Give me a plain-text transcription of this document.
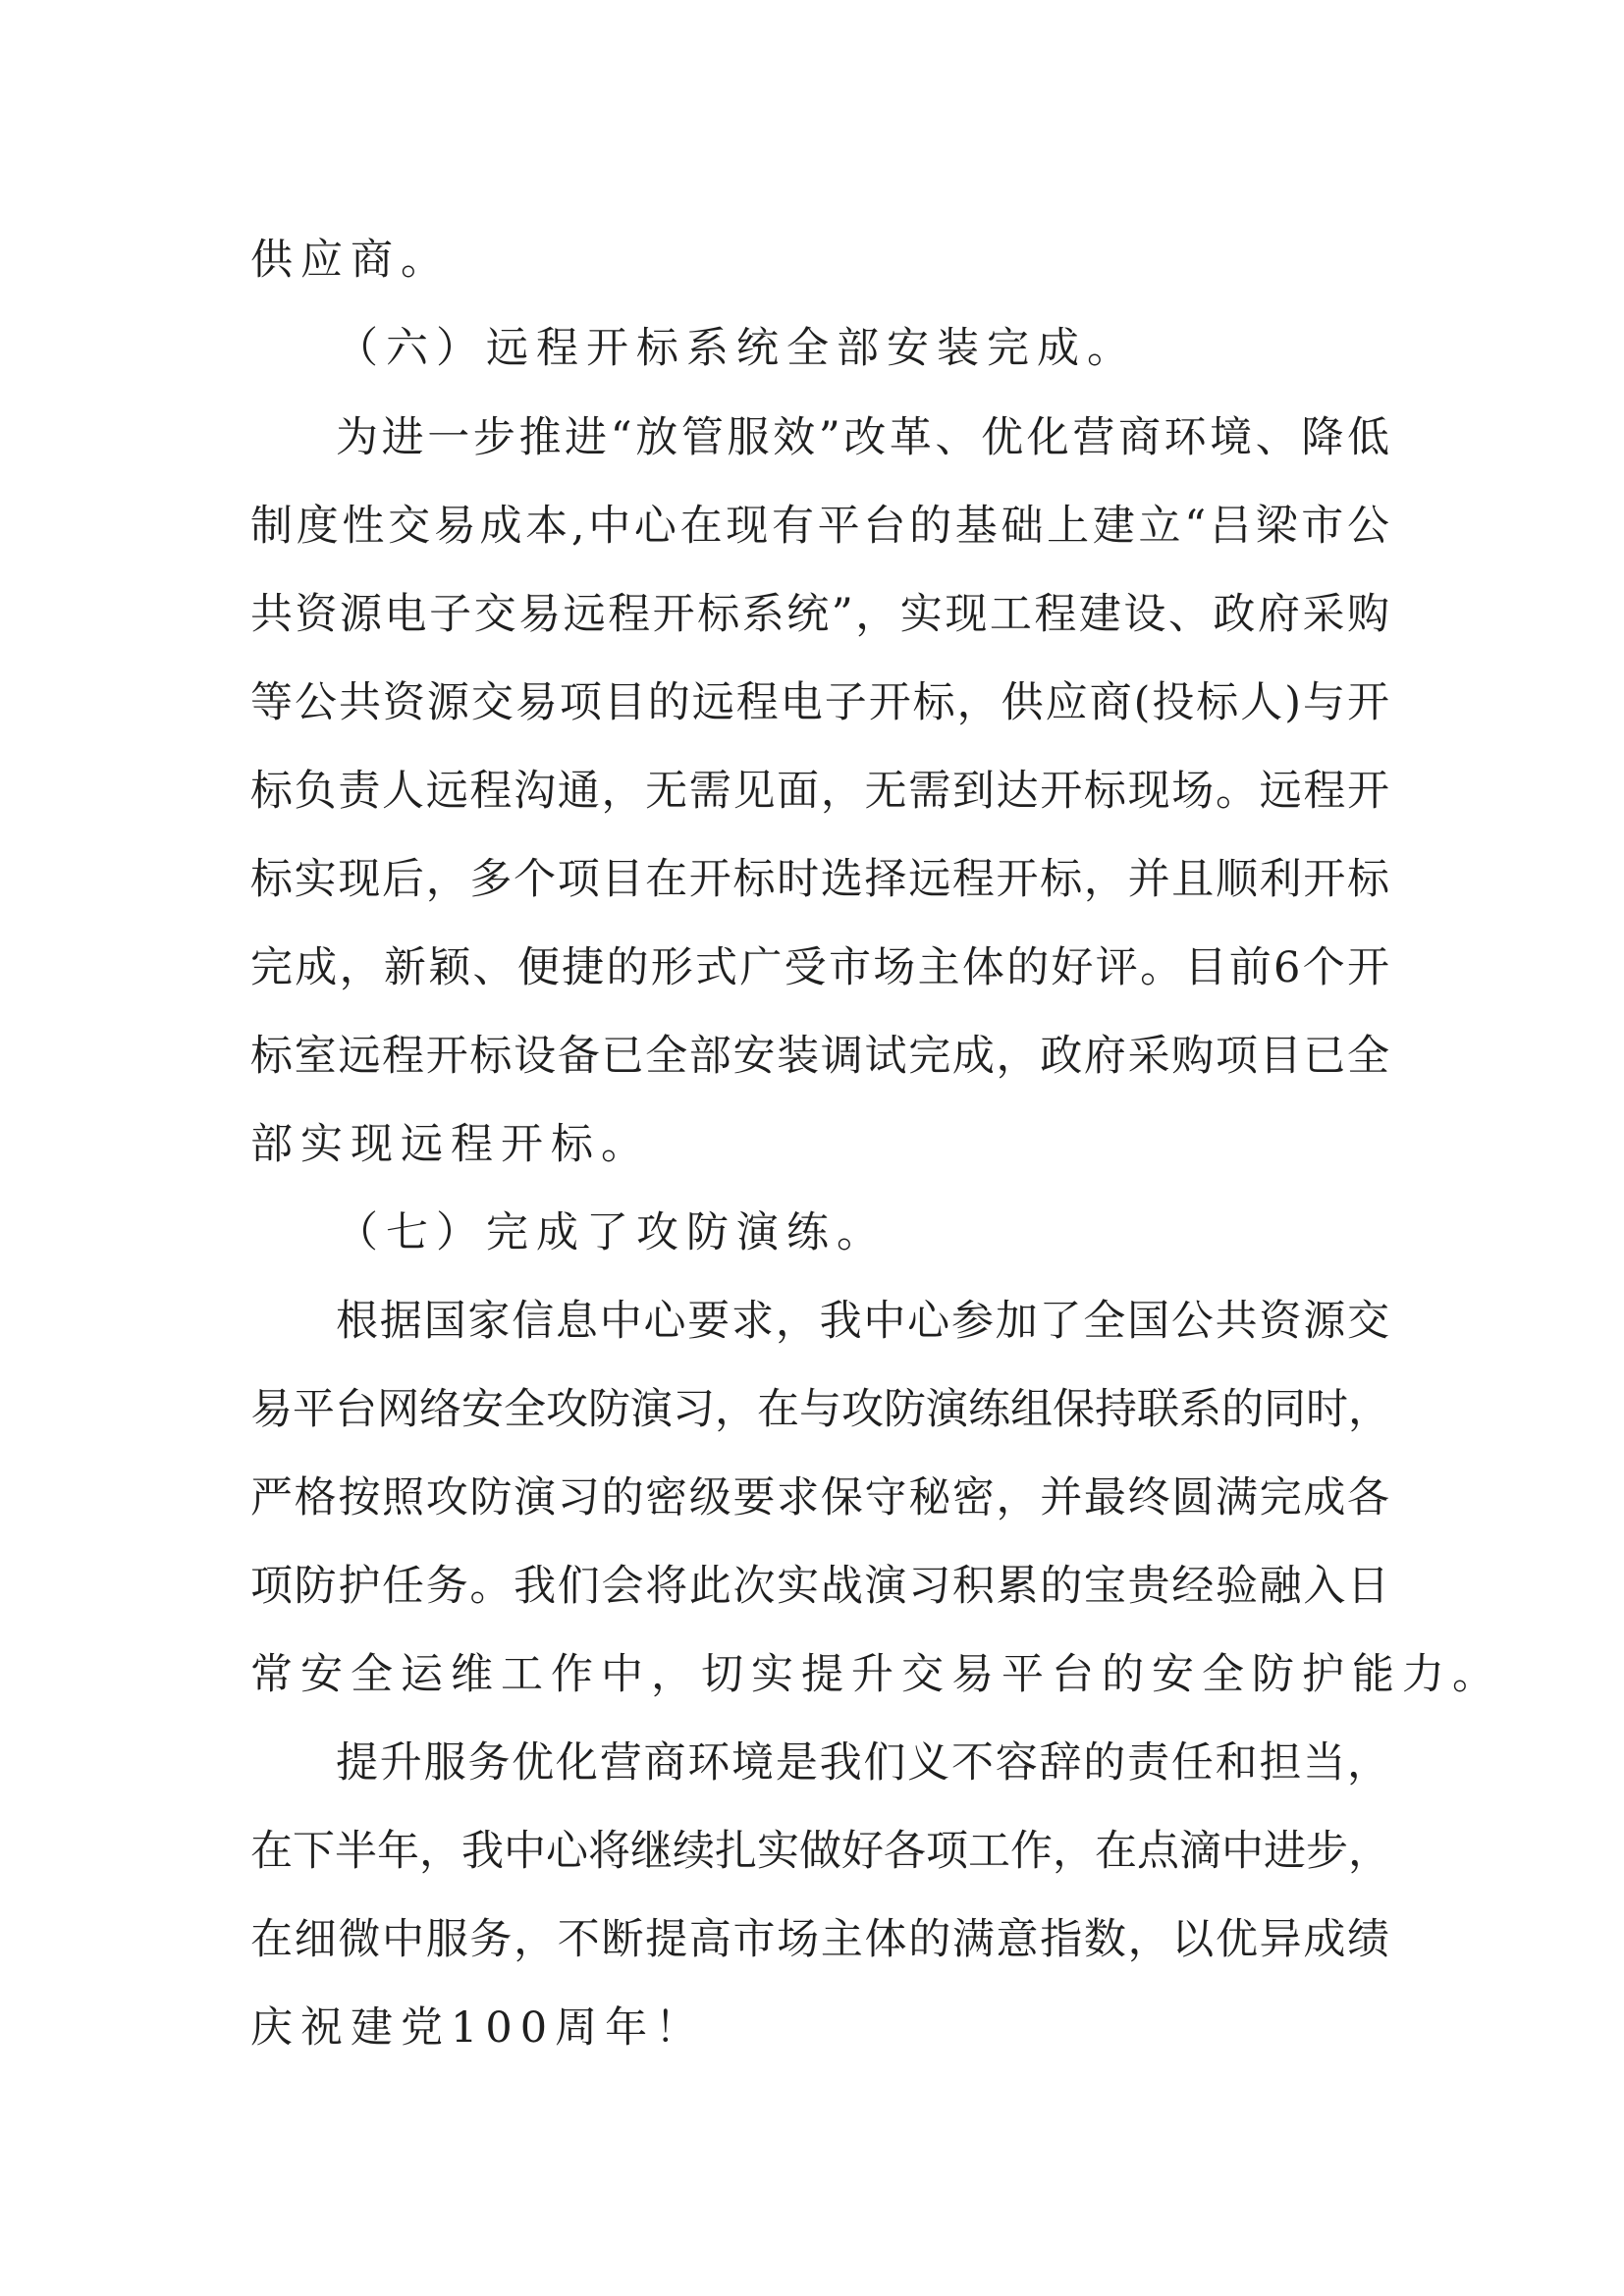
供应商。
（六）远程开标系统全部安装完成。
为进一步推进“放管服效”改革、优化营商环境、降低
制度性交易成本,中心在现有平台的基础上建立“吕梁市公
共资源电子交易远程开标系统”，实现工程建设、政府采购
等公共资源交易项目的远程电子开标，供应商(投标人)与开
标负责人远程沟通，无需见面，无需到达开标现场。远程开
标实现后，多个项目在开标时选择远程开标，并且顺利开标
完成，新颖、便捷的形式广受市场主体的好评。目前6个开
标室远程开标设备已全部安装调试完成，政府采购项目已全
部实现远程开标。
（七）完成了攻防演练。
根据国家信息中心要求，我中心参加了全国公共资源交
易平台网络安全攻防演习，在与攻防演练组保持联系的同时，
严格按照攻防演习的密级要求保守秘密，并最终圆满完成各
项防护任务。我们会将此次实战演习积累的宝贵经验融入日
常安全运维工作中，切实提升交易平台的安全防护能力。
提升服务优化营商环境是我们义不容辞的责任和担当，
在下半年，我中心将继续扎实做好各项工作，在点滴中进步，
在细微中服务，不断提高市场主体的满意指数，以优异成绩
庆祝建党100周年！
